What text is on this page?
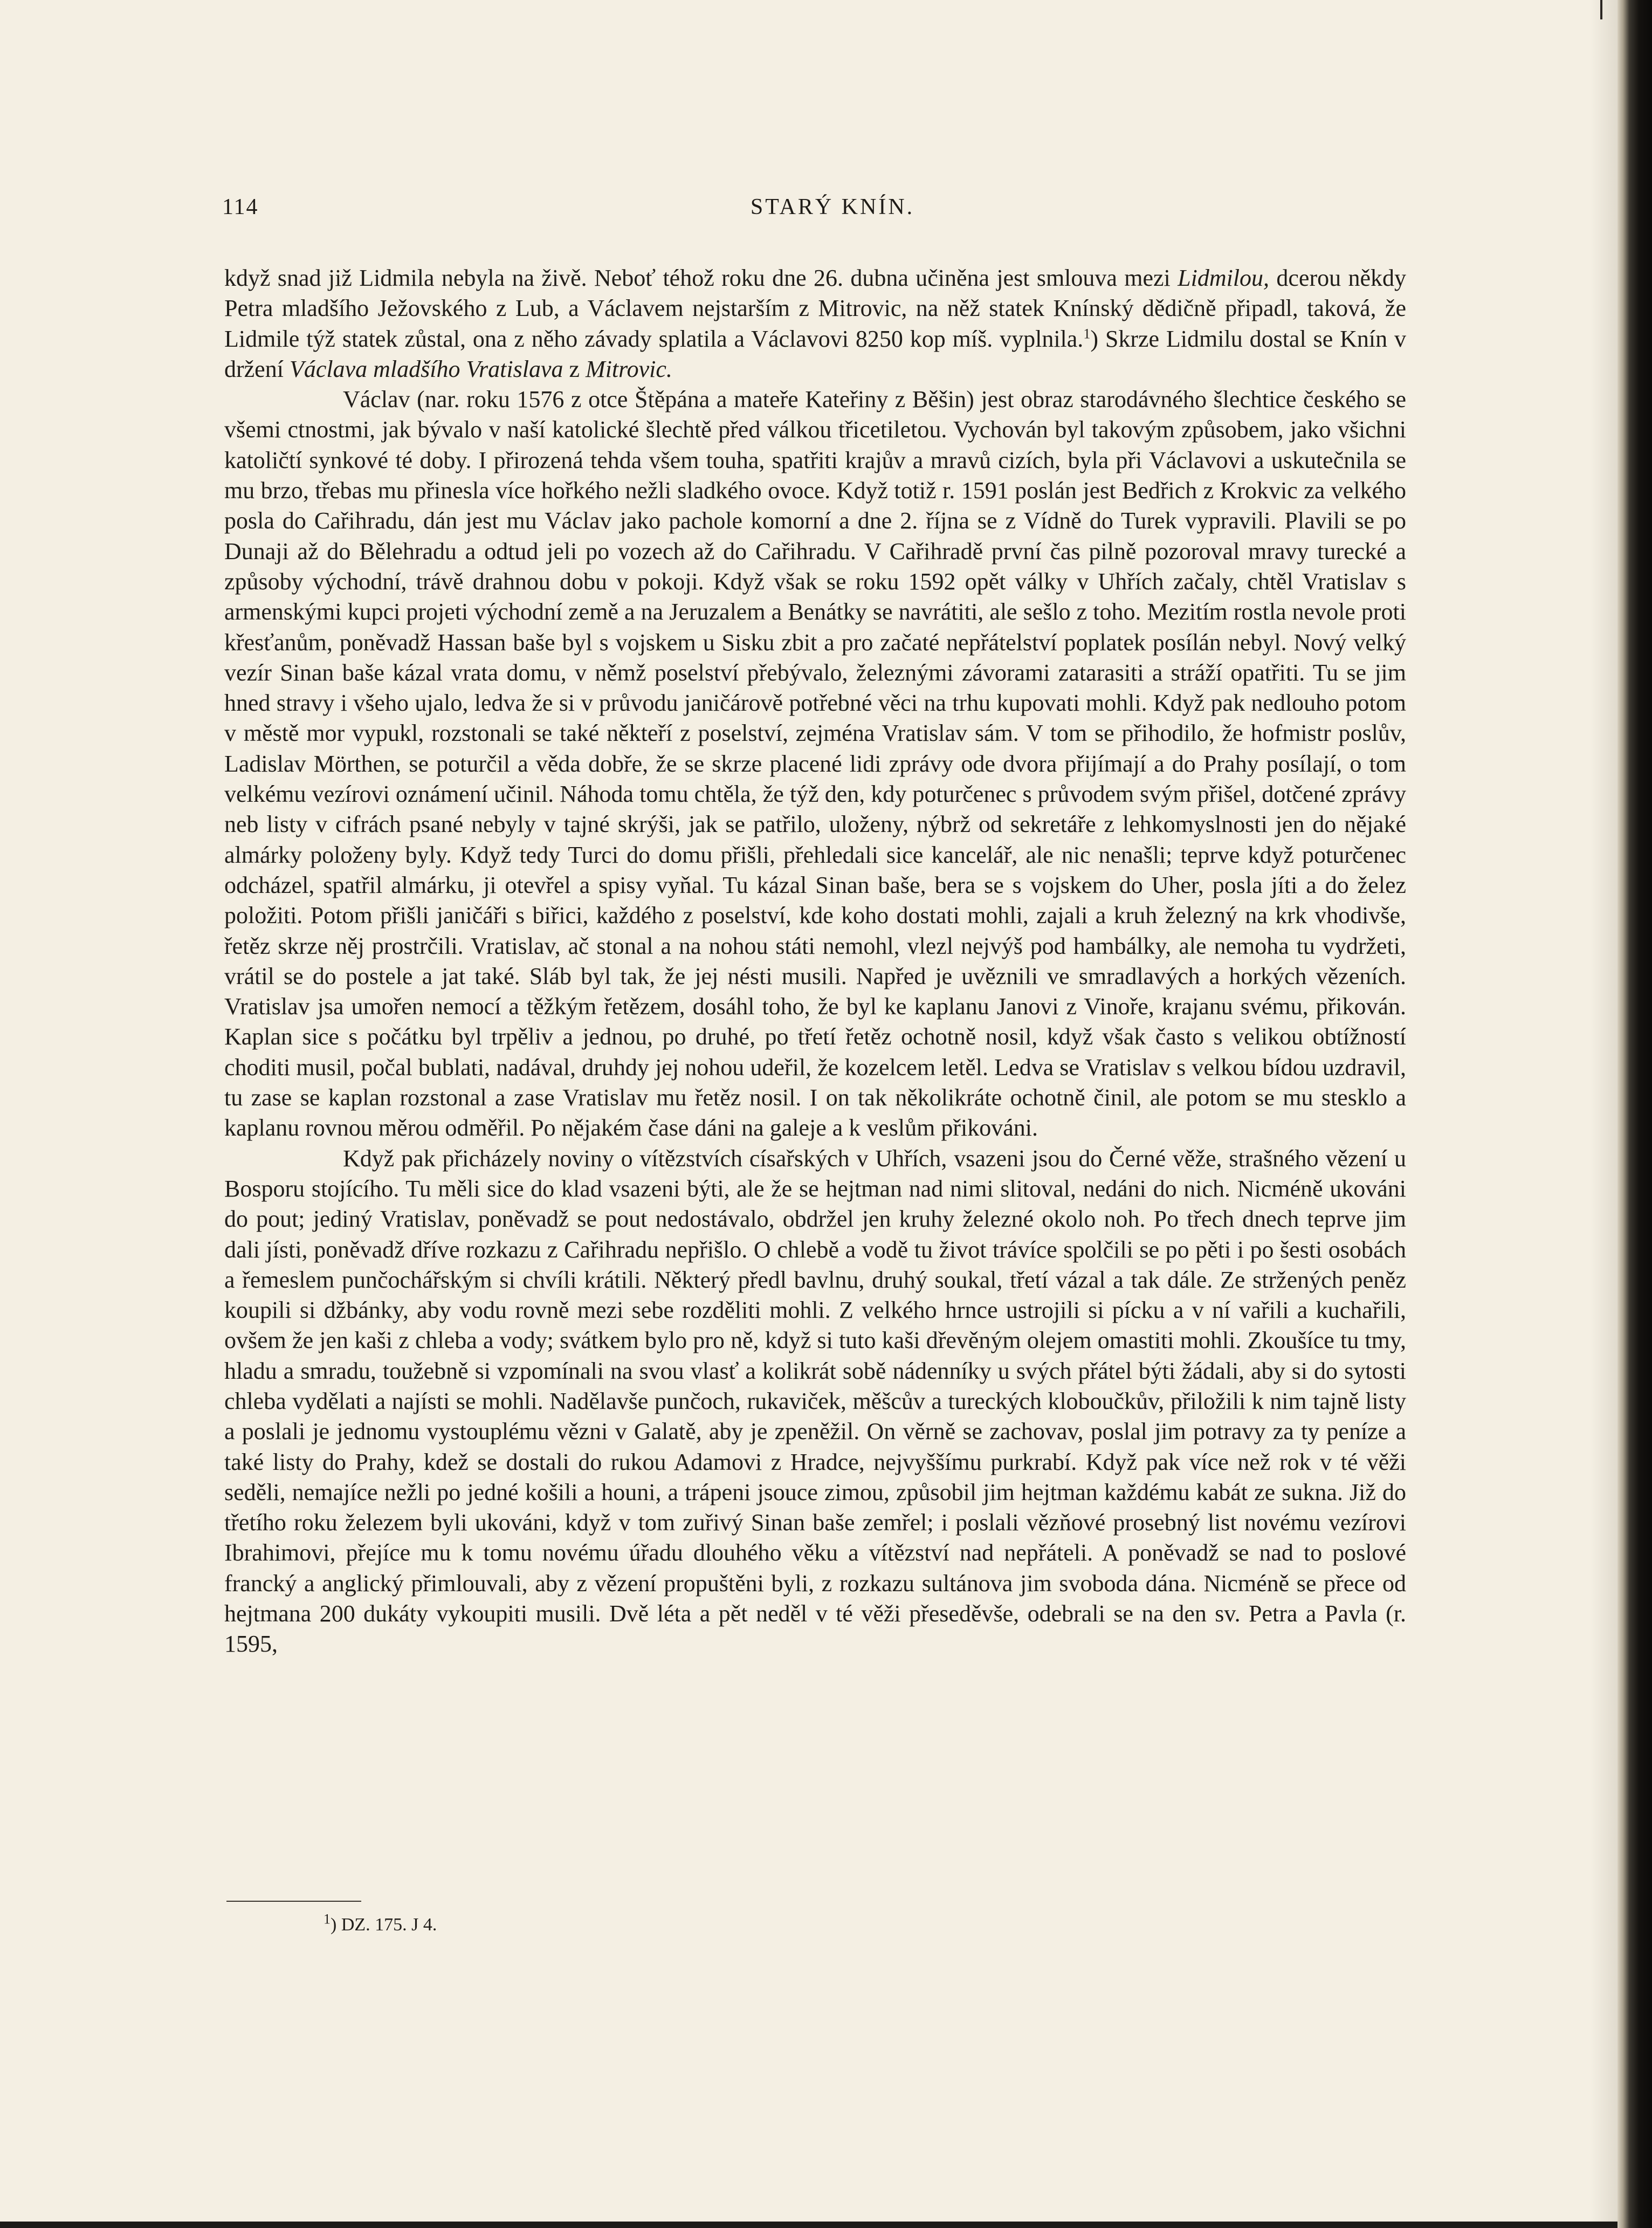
114	STARÝ KNÍN.

když snad již Lidmila nebyla na živě. Neboť téhož roku dne 26. dubna učiněna jest smlouva mezi Lidmilou, dcerou někdy Petra mladšího Ježovského z Lub, a Václavem nejstarším z Mitrovic, na něž statek Knínský dědičně připadl, taková, že Lidmile týž statek zůstal, ona z něho závady splatila a Václavovi 8250 kop míš. vyplnila.$^1$) Skrze Lidmilu dostal se Knín v držení Václava mladšího Vratislava z Mitrovic.

Václav (nar. roku 1576 z otce Štěpána a mateře Kateřiny z Běšin) jest obraz starodávného šlechtice českého se všemi ctnostmi, jak bývalo v naší katolické šlechtě před válkou třicetiletou. Vychován byl takovým způsobem, jako všichni katoličtí synkové té doby. I přirozená tehda všem touha, spatřiti krajův a mravů cizích, byla při Václavovi a uskutečnila se mu brzo, třebas mu přinesla více hořkého nežli sladkého ovoce. Když totiž r. 1591 poslán jest Bedřich z Krokvic za velkého posla do Cařihradu, dán jest mu Václav jako pachole komorní a dne 2. října se z Vídně do Turek vypravili. Plavili se po Dunaji až do Bělehradu a odtud jeli po vozech až do Cařihradu. V Cařihradě první čas pilně pozoroval mravy turecké a způsoby východní, trávě drahnou dobu v pokoji. Když však se roku 1592 opět války v Uhřích začaly, chtěl Vratislav s armenskými kupci projeti východní země a na Jeruzalem a Benátky se navrátiti, ale sešlo z toho. Mezitím rostla nevole proti křesťanům, poněvadž Hassan baše byl s vojskem u Sisku zbit a pro začaté nepřátelství poplatek posílán nebyl. Nový velký vezír Sinan baše kázal vrata domu, v němž poselství přebývalo, železnými závorami zatarasiti a stráží opatřiti. Tu se jim hned stravy i všeho ujalo, ledva že si v průvodu janičárově potřebné věci na trhu kupovati mohli. Když pak nedlouho potom v městě mor vypukl, rozstonali se také někteří z poselství, zejména Vratislav sám. V tom se přihodilo, že hofmistr poslův, Ladislav Mörthen, se poturčil a věda dobře, že se skrze placené lidi zprávy ode dvora přijímají a do Prahy posílají, o tom velkému vezírovi oznámení učinil. Náhoda tomu chtěla, že týž den, kdy poturčenec s průvodem svým přišel, dotčené zprávy neb listy v cifrách psané nebyly v tajné skrýši, jak se patřilo, uloženy, nýbrž od sekretáře z lehkomyslnosti jen do nějaké almárky položeny byly. Když tedy Turci do domu přišli, přehledali sice kancelář, ale nic nenašli; teprve když poturčenec odcházel, spatřil almárku, ji otevřel a spisy vyňal. Tu kázal Sinan baše, bera se s vojskem do Uher, posla jíti a do želez položiti. Potom přišli janičáři s biřici, každého z poselství, kde koho dostati mohli, zajali a kruh železný na krk vhodivše, řetěz skrze něj prostrčili. Vratislav, ač stonal a na nohou státi nemohl, vlezl nejvýš pod hambálky, ale nemoha tu vydržeti, vrátil se do postele a jat také. Sláb byl tak, že jej nésti musili. Napřed je uvěznili ve smradlavých a horkých vězeních. Vratislav jsa umořen nemocí a těžkým řetězem, dosáhl toho, že byl ke kaplanu Janovi z Vinoře, krajanu svému, přikován. Kaplan sice s počátku byl trpěliv a jednou, po druhé, po třetí řetěz ochotně nosil, když však často s velikou obtížností choditi musil, počal bublati, nadával, druhdy jej nohou udeřil, že kozelcem letěl. Ledva se Vratislav s velkou bídou uzdravil, tu zase se kaplan rozstonal a zase Vratislav mu řetěz nosil. I on tak několikráte ochotně činil, ale potom se mu stesklo a kaplanu rovnou měrou odměřil. Po nějakém čase dáni na galeje a k veslům přikováni.

Když pak přicházely noviny o vítězstvích císařských v Uhřích, vsazeni jsou do Černé věže, strašného vězení u Bosporu stojícího. Tu měli sice do klad vsazeni býti, ale že se hejtman nad nimi slitoval, nedáni do nich. Nicméně ukováni do pout; jediný Vratislav, poněvadž se pout nedostávalo, obdržel jen kruhy železné okolo noh. Po třech dnech teprve jim dali jísti, poněvadž dříve rozkazu z Cařihradu nepřišlo. O chlebě a vodě tu život trávíce spolčili se po pěti i po šesti osobách a řemeslem punčochářským si chvíli krátili. Některý předl bavlnu, druhý soukal, třetí vázal a tak dále. Ze stržených peněz koupili si džbánky, aby vodu rovně mezi sebe rozděliti mohli. Z velkého hrnce ustrojili si pícku a v ní vařili a kuchařili, ovšem že jen kaši z chleba a vody; svátkem bylo pro ně, když si tuto kaši dřevěným olejem omastiti mohli. Zkoušíce tu tmy, hladu a smradu, toužebně si vzpomínali na svou vlasť a kolikrát sobě nádenníky u svých přátel býti žádali, aby si do sytosti chleba vydělati a najísti se mohli. Nadělavše punčoch, rukaviček, měšcův a tureckých kloboučkův, přiložili k nim tajně listy a poslali je jednomu vystouplému vězni v Galatě, aby je zpeněžil. On věrně se zachovav, poslal jim potravy za ty peníze a také listy do Prahy, kdež se dostali do rukou Adamovi z Hradce, nejvyššímu purkrabí. Když pak více než rok v té věži seděli, nemajíce nežli po jedné košili a houni, a trápeni jsouce zimou, způsobil jim hejtman každému kabát ze sukna. Již do třetího roku železem byli ukováni, když v tom zuřivý Sinan baše zemřel; i poslali vězňové prosebný list novému vezírovi Ibrahimovi, přejíce mu k tomu novému úřadu dlouhého věku a vítězství nad nepřáteli. A poněvadž se nad to poslové francký a anglický přimlouvali, aby z vězení propuštěni byli, z rozkazu sultánova jim svoboda dána. Nicméně se přece od hejtmana 200 dukáty vykoupiti musili. Dvě léta a pět neděl v té věži přeseděvše, odebrali se na den sv. Petra a Pavla (r. 1595,

$^1$) DZ. 175. J 4.
